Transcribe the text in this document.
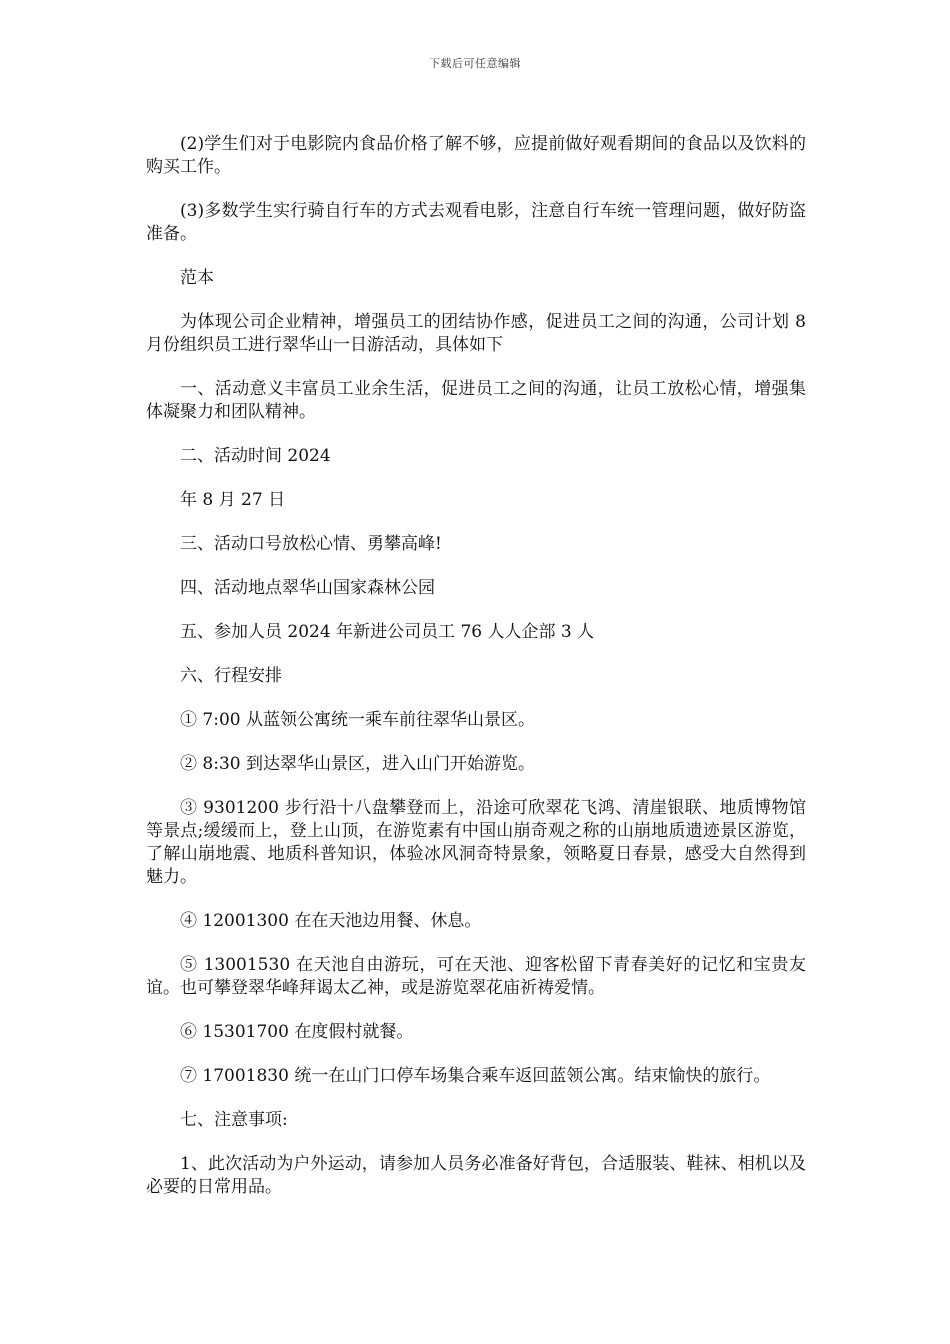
下载后可任意编辑

(2)学生们对于电影院内食品价格了解不够，应提前做好观看期间的食品以及饮料的购买工作。

(3)多数学生实行骑自行车的方式去观看电影，注意自行车统一管理问题，做好防盗准备。

范本

为体现公司企业精神，增强员工的团结协作感，促进员工之间的沟通，公司计划 8 月份组织员工进行翠华山一日游活动，具体如下

一、活动意义丰富员工业余生活，促进员工之间的沟通，让员工放松心情，增强集体凝聚力和团队精神。

二、活动时间 2024

年 8 月 27 日

三、活动口号放松心情、勇攀高峰!

四、活动地点翠华山国家森林公园

五、参加人员 2024 年新进公司员工 76 人人企部 3 人

六、行程安排

① 7:00 从蓝领公寓统一乘车前往翠华山景区。

② 8:30 到达翠华山景区，进入山门开始游览。

③ 9301200 步行沿十八盘攀登而上，沿途可欣翠花飞鸿、清崖银联、地质博物馆等景点;缓缓而上，登上山顶，在游览素有中国山崩奇观之称的山崩地质遗迹景区游览，了解山崩地震、地质科普知识，体验冰风洞奇特景象，领略夏日春景，感受大自然得到魅力。

④ 12001300 在在天池边用餐、休息。

⑤ 13001530 在天池自由游玩，可在天池、迎客松留下青春美好的记忆和宝贵友谊。也可攀登翠华峰拜谒太乙神，或是游览翠花庙祈祷爱情。

⑥ 15301700 在度假村就餐。

⑦ 17001830 统一在山门口停车场集合乘车返回蓝领公寓。结束愉快的旅行。

七、注意事项:

1、此次活动为户外运动，请参加人员务必准备好背包，合适服装、鞋袜、相机以及必要的日常用品。
